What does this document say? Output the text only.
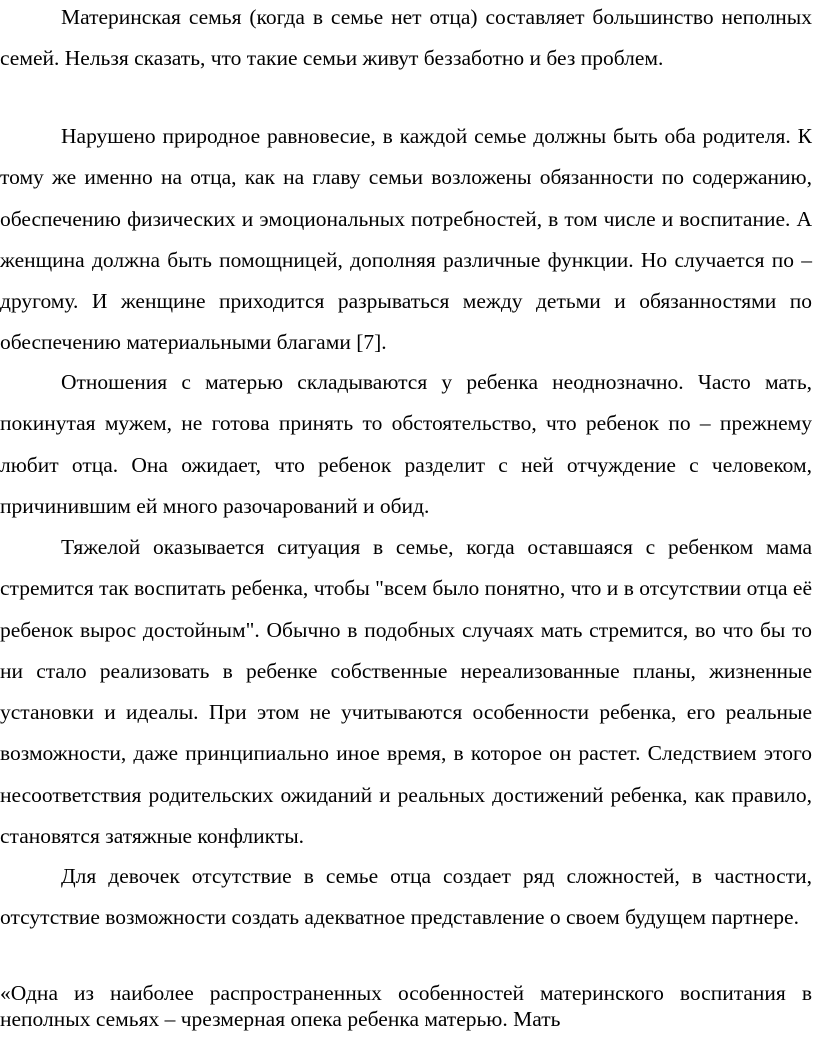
Материнская семья (когда в семье нет отца) составляет большинство неполных семей. Нельзя сказать, что такие семьи живут беззаботно и без проблем.

Нарушено природное равновесие, в каждой семье должны быть оба родителя. К тому же именно на отца, как на главу семьи возложены обязанности по содержанию, обеспечению физических и эмоциональных потребностей, в том числе и воспитание. А женщина должна быть помощницей, дополняя различные функции. Но случается по – другому. И женщине приходится разрываться между детьми и обязанностями по обеспечению материальными благами [7].

Отношения с матерью складываются у ребенка неоднозначно. Часто мать, покинутая мужем, не готова принять то обстоятельство, что ребенок по – прежнему любит отца. Она ожидает, что ребенок разделит с ней отчуждение с человеком, причинившим ей много разочарований и обид.

Тяжелой оказывается ситуация в семье, когда оставшаяся с ребенком мама стремится так воспитать ребенка, чтобы "всем было понятно, что и в отсутствии отца её ребенок вырос достойным". Обычно в подобных случаях мать стремится, во что бы то ни стало реализовать в ребенке собственные нереализованные планы, жизненные установки и идеалы. При этом не учитываются особенности ребенка, его реальные возможности, даже принципиально иное время, в которое он растет. Следствием этого несоответствия родительских ожиданий и реальных достижений ребенка, как правило, становятся затяжные конфликты.

Для девочек отсутствие в семье отца создает ряд сложностей, в частности, отсутствие возможности создать адекватное представление о своем будущем партнере.

«Одна из наиболее распространенных особенностей материнского воспитания в неполных семьях – чрезмерная опека ребенка матерью. Мать
